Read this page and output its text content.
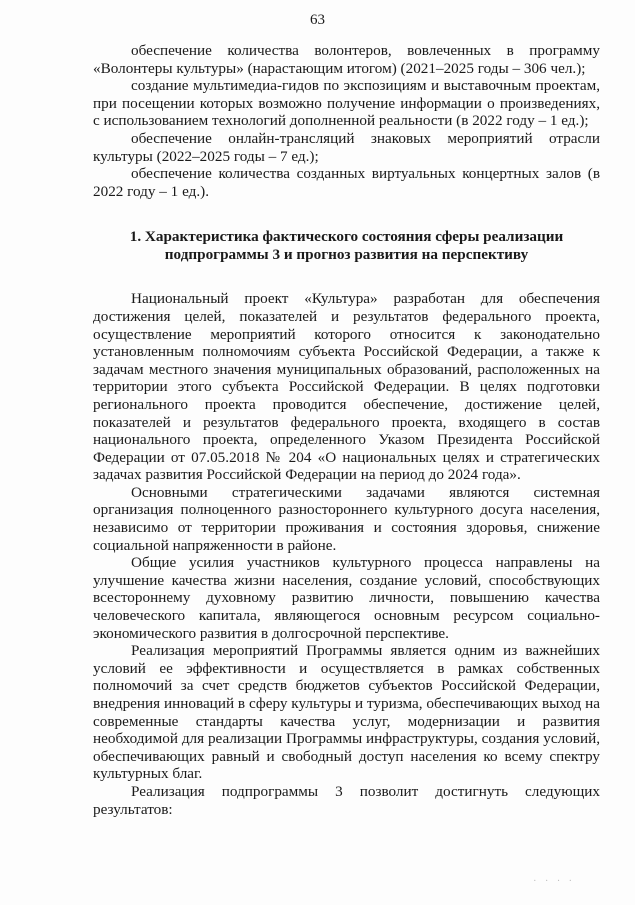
63

обеспечение количества волонтеров, вовлеченных в программу «Волонтеры культуры» (нарастающим итогом) (2021–2025 годы – 306 чел.);

создание мультимедиа-гидов по экспозициям и выставочным проектам, при посещении которых возможно получение информации о произведениях, с использованием технологий дополненной реальности (в 2022 году – 1 ед.);

обеспечение онлайн-трансляций знаковых мероприятий отрасли культуры (2022–2025 годы – 7 ед.);

обеспечение количества созданных виртуальных концертных залов (в 2022 году – 1 ед.).

1. Характеристика фактического состояния сферы реализации
подпрограммы 3 и прогноз развития на перспективу

Национальный проект «Культура» разработан для обеспечения достижения целей, показателей и результатов федерального проекта, осуществление мероприятий которого относится к законодательно установленным полномочиям субъекта Российской Федерации, а также к задачам местного значения муниципальных образований, расположенных на территории этого субъекта Российской Федерации. В целях подготовки регионального проекта проводится обеспечение, достижение целей, показателей и результатов федерального проекта, входящего в состав национального проекта, определенного Указом Президента Российской Федерации от 07.05.2018 № 204 «О национальных целях и стратегических задачах развития Российской Федерации на период до 2024 года».

Основными стратегическими задачами являются системная организация полноценного разностороннего культурного досуга населения, независимо от территории проживания и состояния здоровья, снижение социальной напряженности в районе.

Общие усилия участников культурного процесса направлены на улучшение качества жизни населения, создание условий, способствующих всестороннему духовному развитию личности, повышению качества человеческого капитала, являющегося основным ресурсом социально-экономического развития в долгосрочной перспективе.

Реализация мероприятий Программы является одним из важнейших условий ее эффективности и осуществляется в рамках собственных полномочий за счет средств бюджетов субъектов Российской Федерации, внедрения инноваций в сферу культуры и туризма, обеспечивающих выход на современные стандарты качества услуг, модернизации и развития необходимой для реализации Программы инфраструктуры, создания условий, обеспечивающих равный и свободный доступ населения ко всему спектру культурных благ.

Реализация подпрограммы 3 позволит достигнуть следующих результатов:

· · · ·
